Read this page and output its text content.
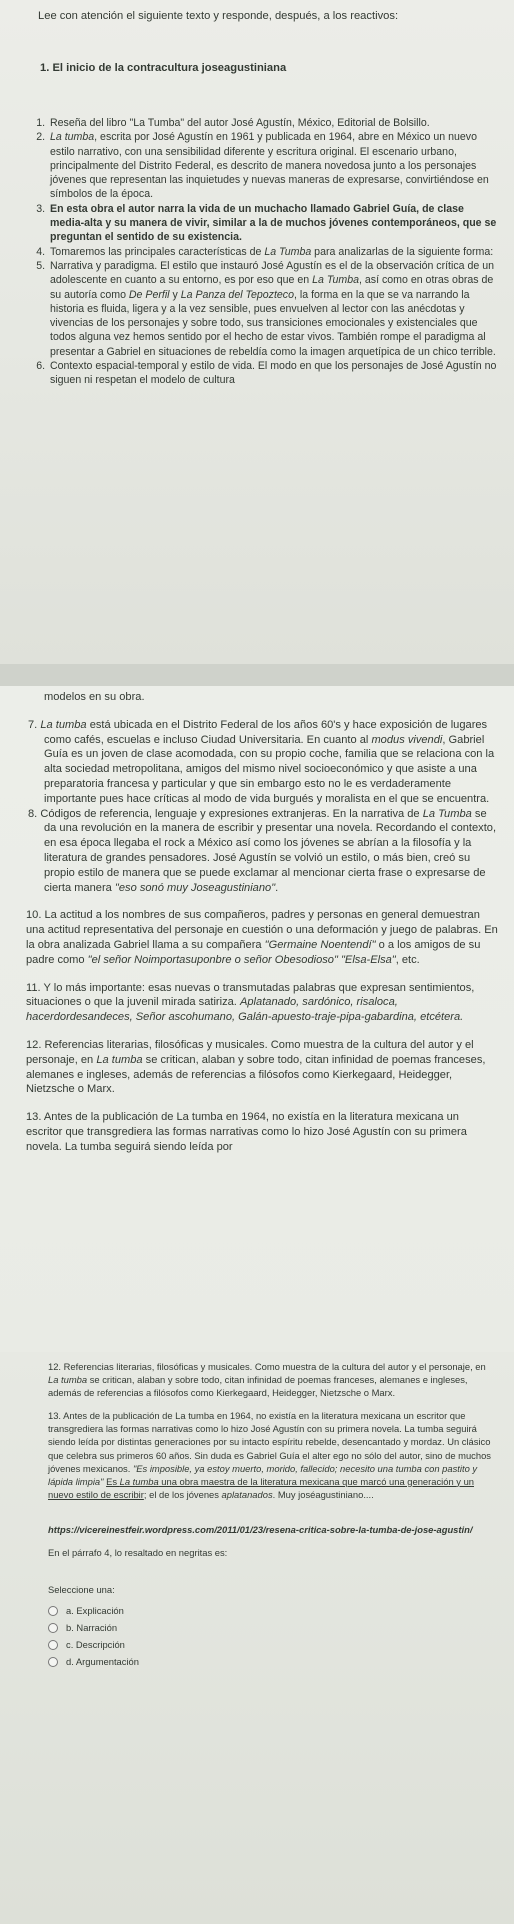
Lee con atención el siguiente texto y responde, después, a los reactivos:

1. El inicio de la contracultura joseagustiniana

1. Reseña del libro "La Tumba" del autor José Agustín, México, Editorial de Bolsillo.
2. La tumba, escrita por José Agustín en 1961 y publicada en 1964, abre en México un nuevo estilo narrativo, con una sensibilidad diferente y escritura original. El escenario urbano, principalmente del Distrito Federal, es descrito de manera novedosa junto a los personajes jóvenes que representan las inquietudes y nuevas maneras de expresarse, convirtiéndose en símbolos de la época.
3. En esta obra el autor narra la vida de un muchacho llamado Gabriel Guía, de clase media-alta y su manera de vivir, similar a la de muchos jóvenes contemporáneos, que se preguntan el sentido de su existencia.
4. Tomaremos las principales características de La Tumba para analizarlas de la siguiente forma:
5. Narrativa y paradigma. El estilo que instauró José Agustín es el de la observación crítica de un adolescente en cuanto a su entorno, es por eso que en La Tumba, así como en otras obras de su autoría como De Perfil y La Panza del Tepozteco, la forma en la que se va narrando la historia es fluida, ligera y a la vez sensible, pues envuelven al lector con las anécdotas y vivencias de los personajes y sobre todo, sus transiciones emocionales y existenciales que todos alguna vez hemos sentido por el hecho de estar vivos. También rompe el paradigma al presentar a Gabriel en situaciones de rebeldía como la imagen arquetípica de un chico terrible.
6. Contexto espacial-temporal y estilo de vida. El modo en que los personajes de José Agustín no siguen ni respetan el modelo de cultura

modelos en su obra.

7. La tumba está ubicada en el Distrito Federal de los años 60's y hace exposición de lugares como cafés, escuelas e incluso Ciudad Universitaria. En cuanto al modus vivendi, Gabriel Guía es un joven de clase acomodada, con su propio coche, familia que se relaciona con la alta sociedad metropolitana, amigos del mismo nivel socioeconómico y que asiste a una preparatoria francesa y particular y que sin embargo esto no le es verdaderamente importante pues hace críticas al modo de vida burgués y moralista en el que se encuentra.

8. Códigos de referencia, lenguaje y expresiones extranjeras. En la narrativa de La Tumba se da una revolución en la manera de escribir y presentar una novela. Recordando el contexto, en esa época llegaba el rock a México así como los jóvenes se abrían a la filosofía y la literatura de grandes pensadores. José Agustín se volvió un estilo, o más bien, creó su propio estilo de manera que se puede exclamar al mencionar cierta frase o expresarse de cierta manera "eso sonó muy Joseagustiniano".

10. La actitud a los nombres de sus compañeros, padres y personas en general demuestran una actitud representativa del personaje en cuestión o una deformación y juego de palabras. En la obra analizada Gabriel llama a su compañera "Germaine Noentendí" o a los amigos de su padre como "el señor Noimportasuponbre o señor Obesodioso" "Elsa-Elsa", etc.

11. Y lo más importante: esas nuevas o transmutadas palabras que expresan sentimientos, situaciones o que la juvenil mirada satiriza. Aplatanado, sardónico, risaloca, hacerdordesandeces, Señor ascohumano, Galán-apuesto-traje-pipa-gabardina, etcétera.

12. Referencias literarias, filosóficas y musicales. Como muestra de la cultura del autor y el personaje, en La tumba se critican, alaban y sobre todo, citan infinidad de poemas franceses, alemanes e ingleses, además de referencias a filósofos como Kierkegaard, Heidegger, Nietzsche o Marx.

13. Antes de la publicación de La tumba en 1964, no existía en la literatura mexicana un escritor que transgrediera las formas narrativas como lo hizo José Agustín con su primera novela. La tumba seguirá siendo leída por

12. Referencias literarias, filosóficas y musicales. Como muestra de la cultura del autor y el personaje, en La tumba se critican, alaban y sobre todo, citan infinidad de poemas franceses, alemanes e ingleses, además de referencias a filósofos como Kierkegaard, Heidegger, Nietzsche o Marx.

13. Antes de la publicación de La tumba en 1964, no existía en la literatura mexicana un escritor que transgrediera las formas narrativas como lo hizo José Agustín con su primera novela. La tumba seguirá siendo leída por distintas generaciones por su intacto espíritu rebelde, desencantado y mordaz. Un clásico que celebra sus primeros 60 años. Sin duda es Gabriel Guía el alter ego no sólo del autor, sino de muchos jóvenes mexicanos. "Es imposible, ya estoy muerto, morido, fallecido; necesito una tumba con pastito y lápida limpia" Es La tumba una obra maestra de la literatura mexicana que marcó una generación y un nuevo estilo de escribir; el de los jóvenes aplatanados. Muy joséagustiniano....

https://vicereinestfeir.wordpress.com/2011/01/23/resena-critica-sobre-la-tumba-de-jose-agustin/

En el párrafo 4, lo resaltado en negritas es:

Seleccione una:

a. Explicación
b. Narración
c. Descripción
d. Argumentación
